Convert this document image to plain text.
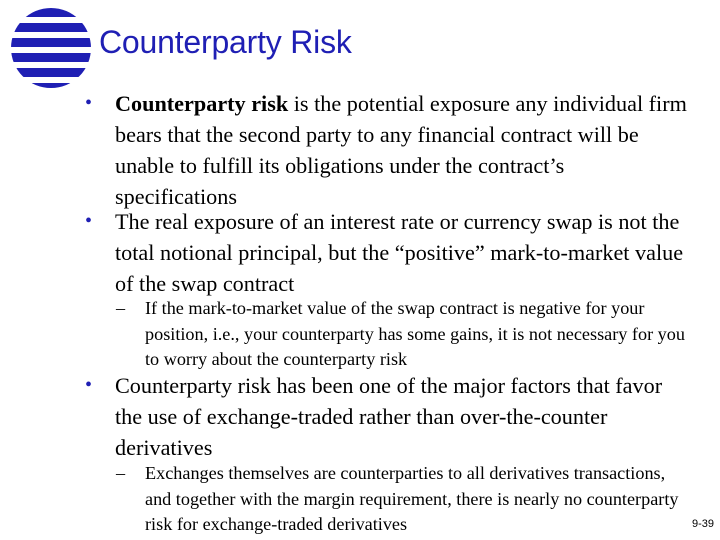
Counterparty Risk
• Counterparty risk is the potential exposure any individual firm bears that the second party to any financial contract will be unable to fulfill its obligations under the contract’s specifications
• The real exposure of an interest rate or currency swap is not the total notional principal, but the “positive” mark-to-market value of the swap contract
– If the mark-to-market value of the swap contract is negative for your position, i.e., your counterparty has some gains, it is not necessary for you to worry about the counterparty risk
• Counterparty risk has been one of the major factors that favor the use of exchange-traded rather than over-the-counter derivatives
– Exchanges themselves are counterparties to all derivatives transactions, and together with the margin requirement, there is nearly no counterparty risk for exchange-traded derivatives	9-39
